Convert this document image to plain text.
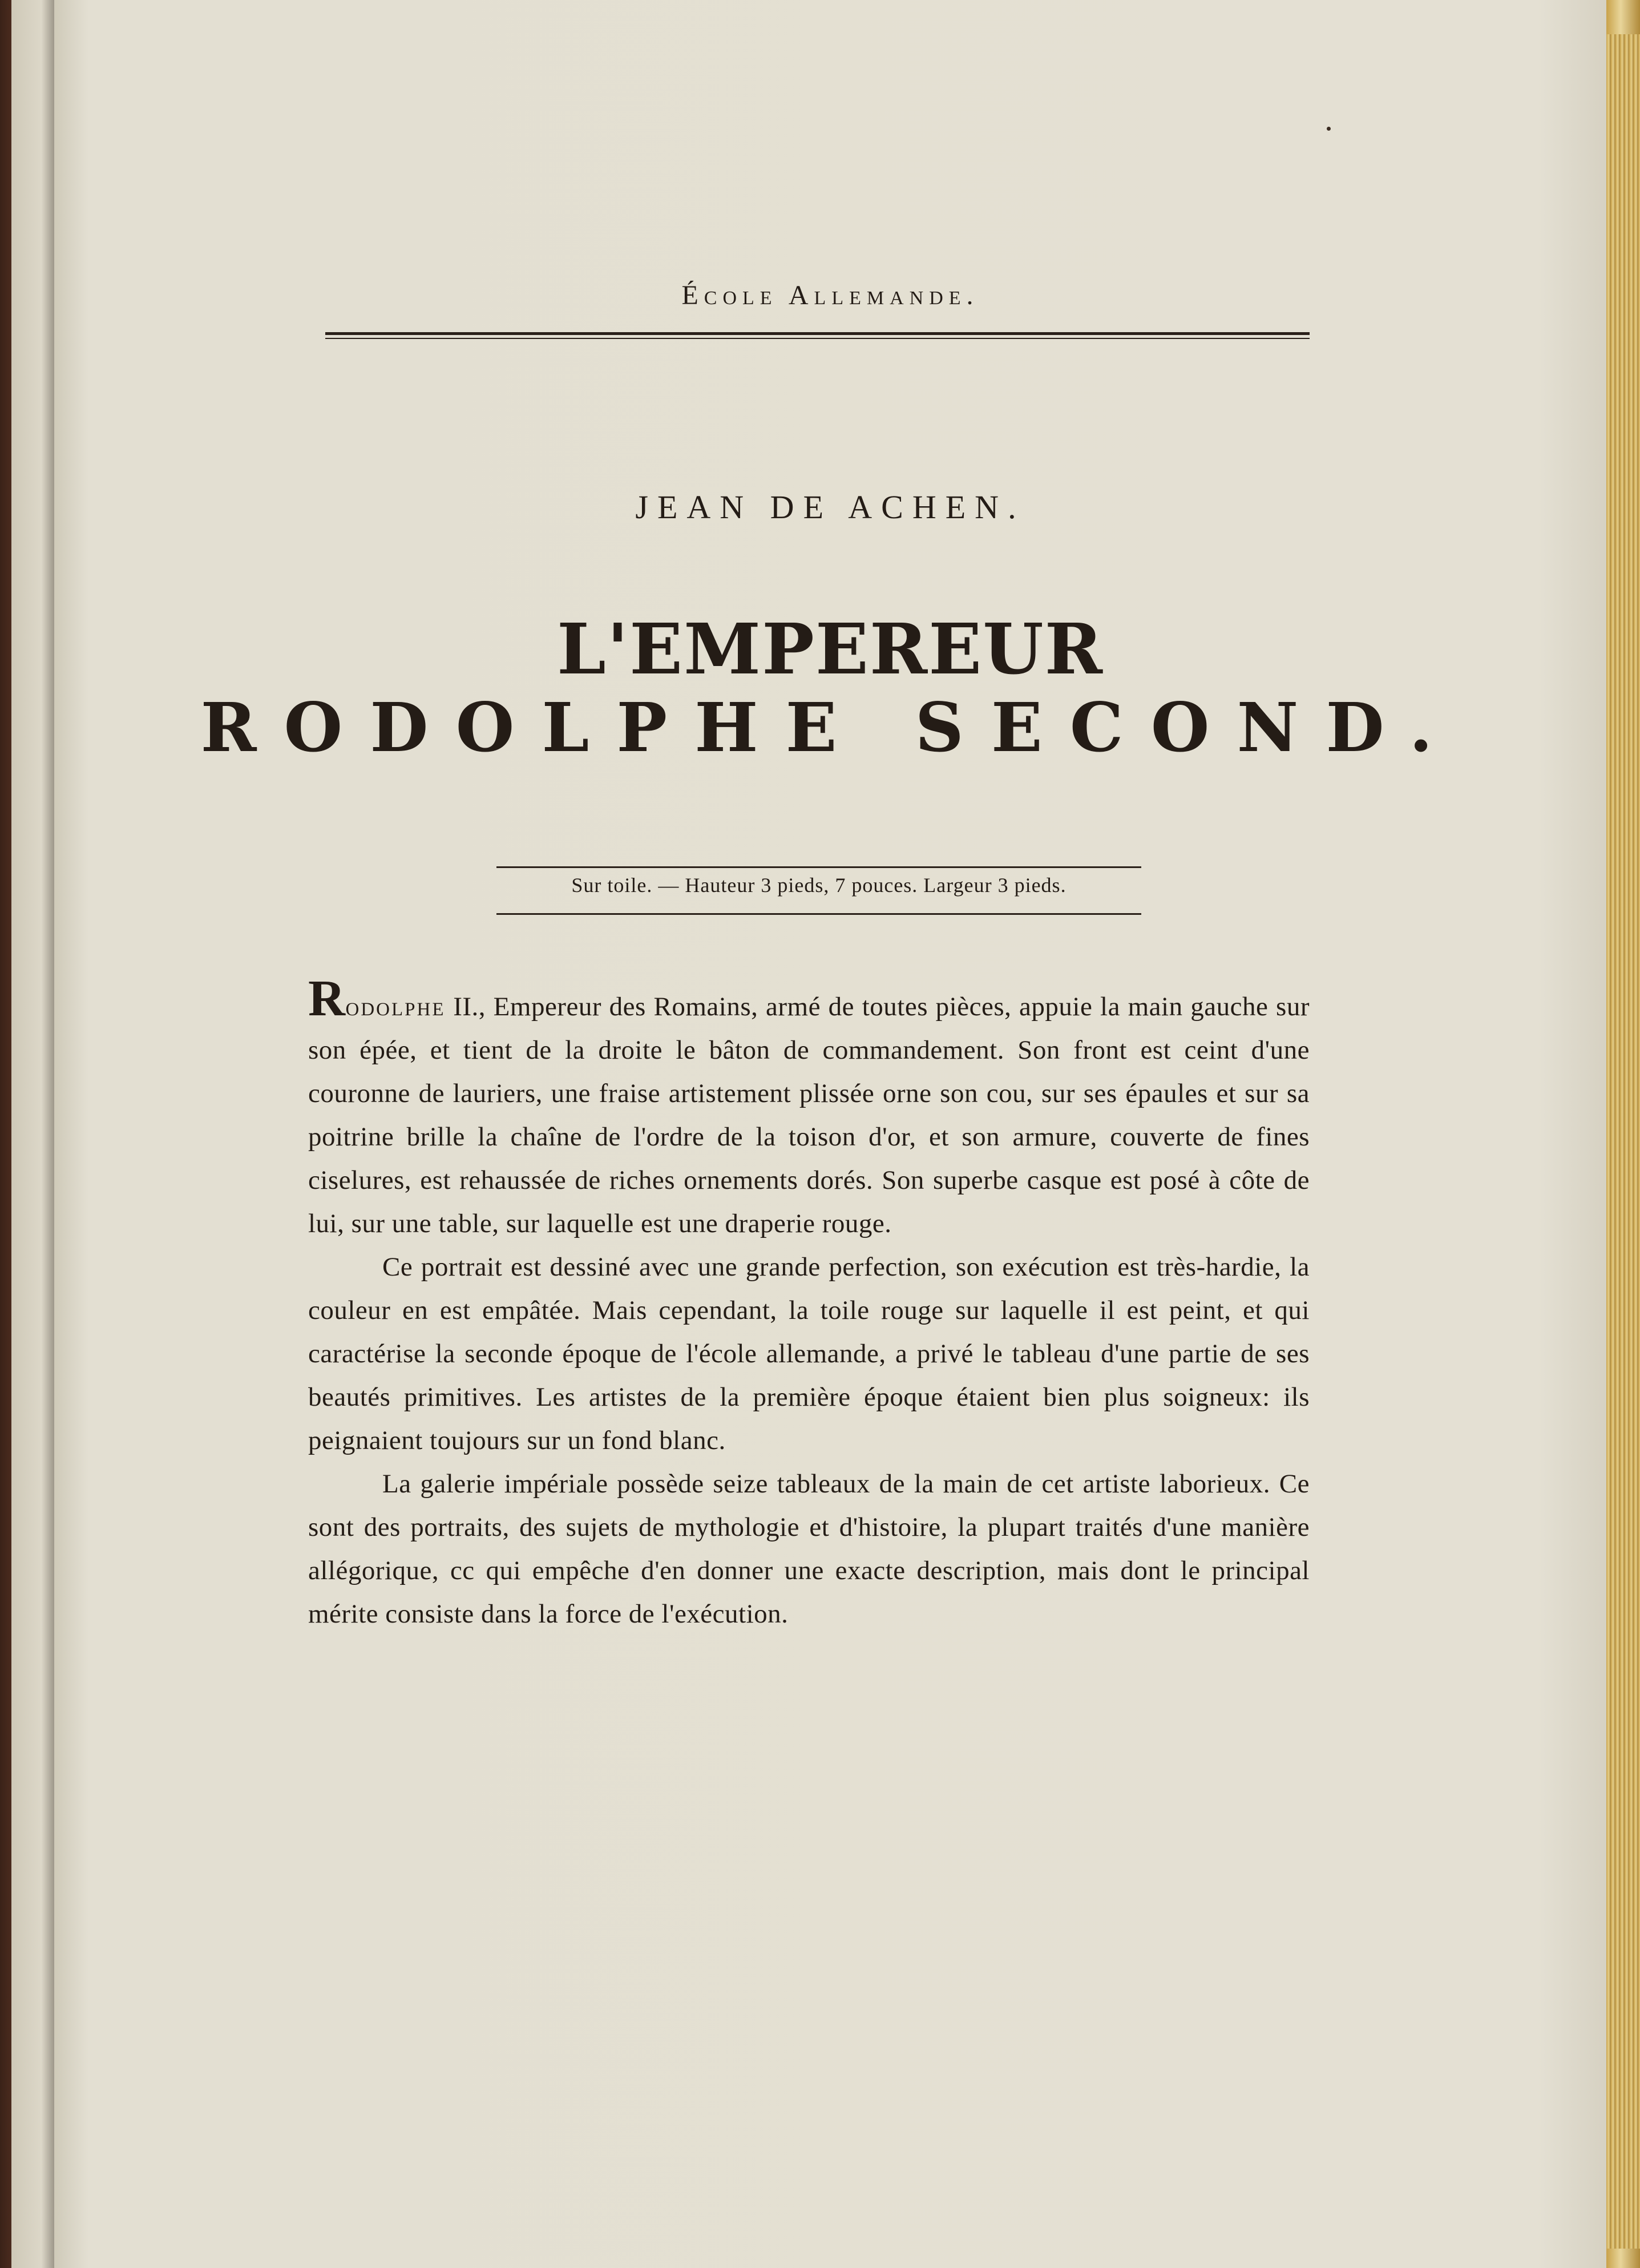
École Allemande.
JEAN DE ACHEN.
L'EMPEREUR
RODOLPHE SECOND.
Sur toile. — Hauteur 3 pieds, 7 pouces. Largeur 3 pieds.

Rodolphe II., Empereur des Romains, armé de toutes pièces, appuie la main gauche sur son épée, et tient de la droite le bâton de commandement. Son front est ceint d'une couronne de lauriers, une fraise artistement plissée orne son cou, sur ses épaules et sur sa poitrine brille la chaîne de l'ordre de la toison d'or, et son armure, couverte de fines ciselures, est rehaussée de riches ornements dorés. Son superbe casque est posé à côte de lui, sur une table, sur laquelle est une draperie rouge.

Ce portrait est dessiné avec une grande perfection, son exécution est très-hardie, la couleur en est empâtée. Mais cependant, la toile rouge sur laquelle il est peint, et qui caractérise la seconde époque de l'école allemande, a privé le tableau d'une partie de ses beautés primitives. Les artistes de la première époque étaient bien plus soigneux: ils peignaient toujours sur un fond blanc.

La galerie impériale possède seize tableaux de la main de cet artiste laborieux. Ce sont des portraits, des sujets de mythologie et d'histoire, la plupart traités d'une manière allégorique, cc qui empêche d'en donner une exacte description, mais dont le principal mérite consiste dans la force de l'exécution.
